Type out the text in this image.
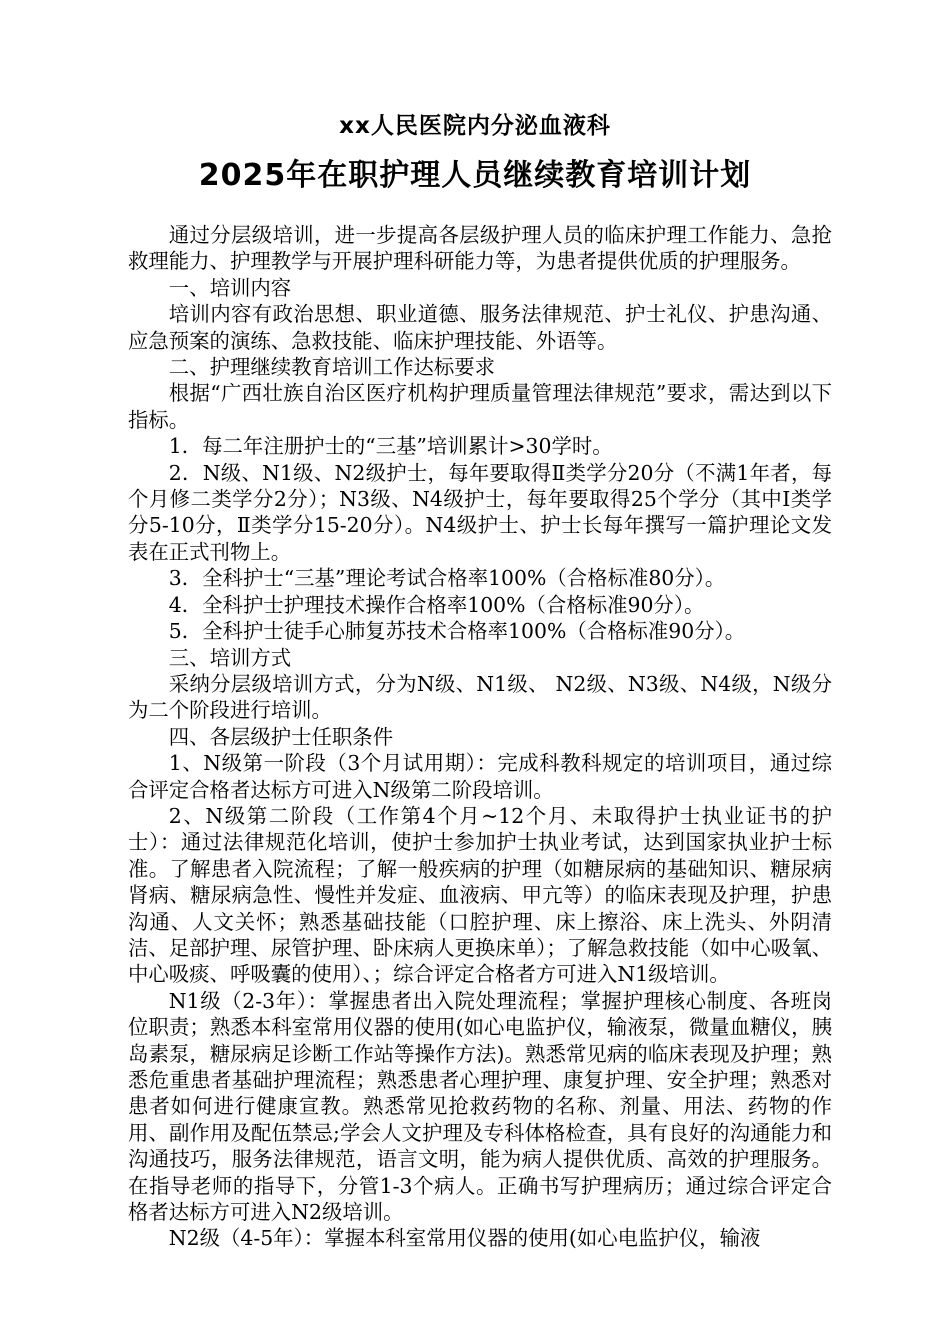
xx人民医院内分泌血液科
2025年在职护理人员继续教育培训计划

通过分层级培训，进一步提高各层级护理人员的临床护理工作能力、急抢救理能力、护理教学与开展护理科研能力等，为患者提供优质的护理服务。

一、培训内容

培训内容有政治思想、职业道德、服务法律规范、护士礼仪、护患沟通、应急预案的演练、急救技能、临床护理技能、外语等。

二、护理继续教育培训工作达标要求

根据“广西壮族自治区医疗机构护理质量管理法律规范”要求，需达到以下指标。

1．每二年注册护士的“三基”培训累计>30学时。

2．N级、N1级、N2级护士，每年要取得Ⅱ类学分20分（不满1年者，每个月修二类学分2分）；N3级、N4级护士，每年要取得25个学分（其中Ⅰ类学分5-10分，Ⅱ类学分15-20分）。N4级护士、护士长每年撰写一篇护理论文发表在正式刊物上。

3．全科护士“三基”理论考试合格率100%（合格标准80分）。

4．全科护士护理技术操作合格率100%（合格标准90分）。

5．全科护士徒手心肺复苏技术合格率100%（合格标准90分）。

三、培训方式

采纳分层级培训方式，分为N级、N1级、 N2级、N3级、N4级，N级分为二个阶段进行培训。

四、各层级护士任职条件

1、N级第一阶段（3个月试用期）：完成科教科规定的培训项目，通过综合评定合格者达标方可进入N级第二阶段培训。

2、N级第二阶段（工作第4个月~12个月、未取得护士执业证书的护士）：通过法律规范化培训，使护士参加护士执业考试，达到国家执业护士标准。了解患者入院流程；了解一般疾病的护理（如糖尿病的基础知识、糖尿病肾病、糖尿病急性、慢性并发症、血液病、甲亢等）的临床表现及护理，护患沟通、人文关怀；熟悉基础技能（口腔护理、床上擦浴、床上洗头、外阴清洁、足部护理、尿管护理、卧床病人更换床单）；了解急救技能（如中心吸氧、中心吸痰、呼吸囊的使用）、；综合评定合格者方可进入N1级培训。

N1级（2-3年）：掌握患者出入院处理流程；掌握护理核心制度、各班岗位职责；熟悉本科室常用仪器的使用(如心电监护仪，输液泵，微量血糖仪，胰岛素泵，糖尿病足诊断工作站等操作方法)。熟悉常见病的临床表现及护理；熟悉危重患者基础护理流程；熟悉患者心理护理、康复护理、安全护理；熟悉对患者如何进行健康宣教。熟悉常见抢救药物的名称、剂量、用法、药物的作用、副作用及配伍禁忌;学会人文护理及专科体格检查，具有良好的沟通能力和沟通技巧，服务法律规范，语言文明，能为病人提供优质、高效的护理服务。在指导老师的指导下，分管1-3个病人。正确书写护理病历；通过综合评定合格者达标方可进入N2级培训。

N2级（4-5年）：掌握本科室常用仪器的使用(如心电监护仪，输液
